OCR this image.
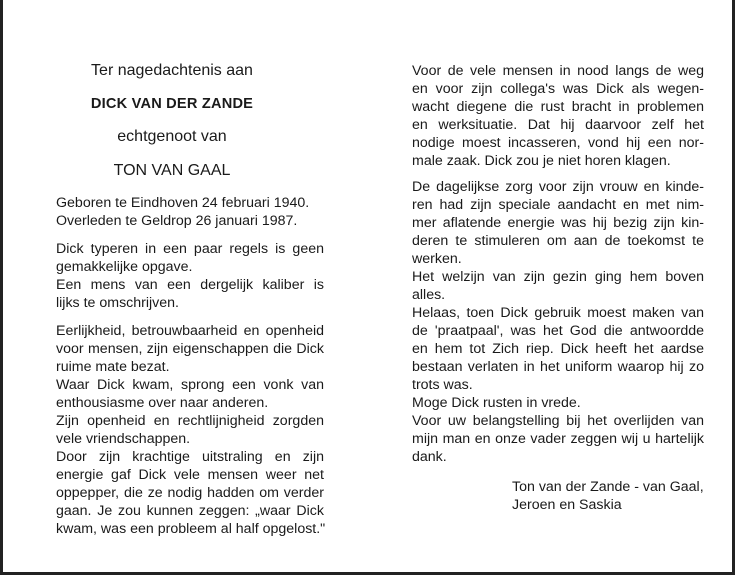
Ter nagedachtenis aan
DICK VAN DER ZANDE
echtgenoot van
TON VAN GAAL
Geboren te Eindhoven 24 februari 1940.
Overleden te Geldrop 26 januari 1987.
Dick typeren in een paar regels is geen
gemakkelijke opgave.
Een mens van een dergelijk kaliber is
lijks te omschrijven.
Eerlijkheid, betrouwbaarheid en openheid
voor mensen, zijn eigenschappen die Dick
ruime mate bezat.
Waar Dick kwam, sprong een vonk van
enthousiasme over naar anderen.
Zijn openheid en rechtlijnigheid zorgden
vele vriendschappen.
Door zijn krachtige uitstraling en zijn
energie gaf Dick vele mensen weer net
oppepper, die ze nodig hadden om verder
gaan. Je zou kunnen zeggen: „waar Dick
kwam, was een probleem al half opgelost."
Voor de vele mensen in nood langs de weg
en voor zijn collega's was Dick als wegen-
wacht diegene die rust bracht in problemen
en werksituatie. Dat hij daarvoor zelf het
nodige moest incasseren, vond hij een nor-
male zaak. Dick zou je niet horen klagen.
De dagelijkse zorg voor zijn vrouw en kinde-
ren had zijn speciale aandacht en met nim-
mer aflatende energie was hij bezig zijn kin-
deren te stimuleren om aan de toekomst te
werken.
Het welzijn van zijn gezin ging hem boven
alles.
Helaas, toen Dick gebruik moest maken van
de 'praatpaal', was het God die antwoordde
en hem tot Zich riep. Dick heeft het aardse
bestaan verlaten in het uniform waarop hij zo
trots was.
Moge Dick rusten in vrede.
Voor uw belangstelling bij het overlijden van
mijn man en onze vader zeggen wij u hartelijk
dank.
Ton van der Zande - van Gaal,
Jeroen en Saskia
